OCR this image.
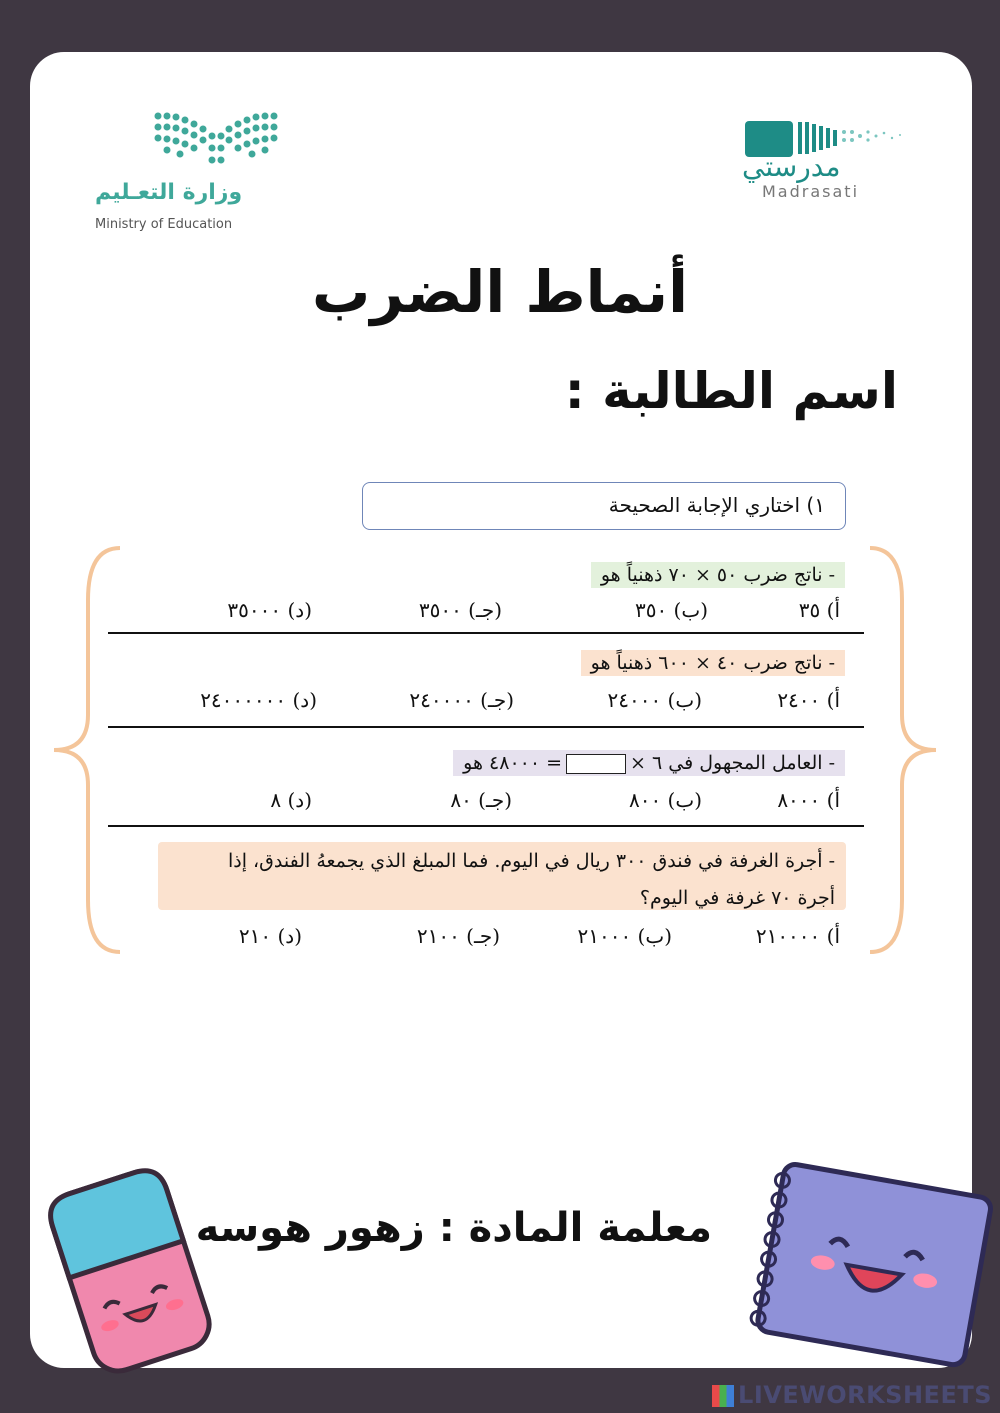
وزارة التعـليم
Ministry of Education
مدرستي
Madrasati
أنماط الضرب
اسم الطالبة :
١) اختاري الإجابة الصحيحة
- ناتج ضرب ٥٠ × ٧٠ ذهنياً هو
أ) ٣٥
(ب) ٣٥٠
(جـ) ٣٥٠٠
(د) ٣٥٠٠٠
- ناتج ضرب ٤٠ × ٦٠٠ ذهنياً هو
أ) ٢٤٠٠
(ب) ٢٤٠٠٠
(جـ) ٢٤٠٠٠٠
(د) ٢٤٠٠٠٠٠٠
- العامل المجهول في ٦ ×= ٤٨٠٠٠ هو
أ) ٨٠٠٠
(ب) ٨٠٠
(جـ) ٨٠
(د) ٨
- أجرة الغرفة في فندق ٣٠٠ ريال في اليوم. فما المبلغ الذي يجمعهُ الفندق، إذا
أجرة ٧٠ غرفة في اليوم؟
أ) ٢١٠٠٠٠
(ب) ٢١٠٠٠
(جـ) ٢١٠٠
(د) ٢١٠
معلمة المادة : زهور هوسه
LIVEWORKSHEETS
